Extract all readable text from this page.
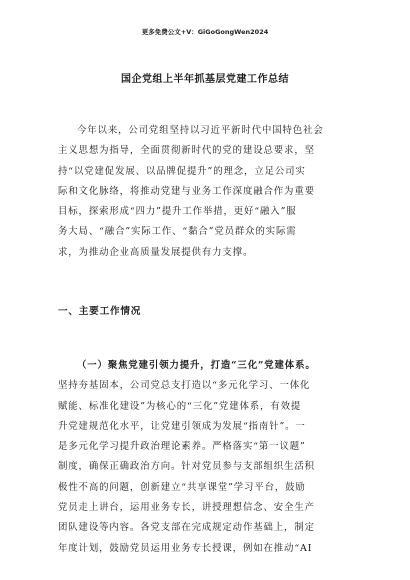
更多免费公文+V：GiGoGongWen2024
国企党组上半年抓基层党建工作总结
今年以来，公司党组坚持以习近平新时代中国特色社会
主义思想为指导，全面贯彻新时代的党的建设总要求，坚
持“以党建促发展、以品牌促提升”的理念，立足公司实
际和文化脉络，将推动党建与业务工作深度融合作为重要
目标，探索形成“四力”提升工作举措，更好“融入”服
务大局、“融合”实际工作、“黏合”党员群众的实际需
求，为推动企业高质量发展提供有力支撑。
一、主要工作情况
（一）聚焦党建引领力提升，打造“三化”党建体系。
坚持夯基固本，公司党总支打造以“多元化学习、一体化
赋能、标准化建设”为核心的“三化”党建体系，有效提
升党建规范化水平，让党建引领成为发展“指南针”。一
是多元化学习提升政治理论素养。严格落实“第一议题”
制度，确保正确政治方向。针对党员参与支部组织生活积
极性不高的问题，创新建立“共享课堂”学习平台，鼓励
党员走上讲台，运用业务专长，讲授理想信念、安全生产
团队建设等内容。各党支部在完成规定动作基础上，制定
年度计划，鼓励党员运用业务专长授课，例如在推动“AI
